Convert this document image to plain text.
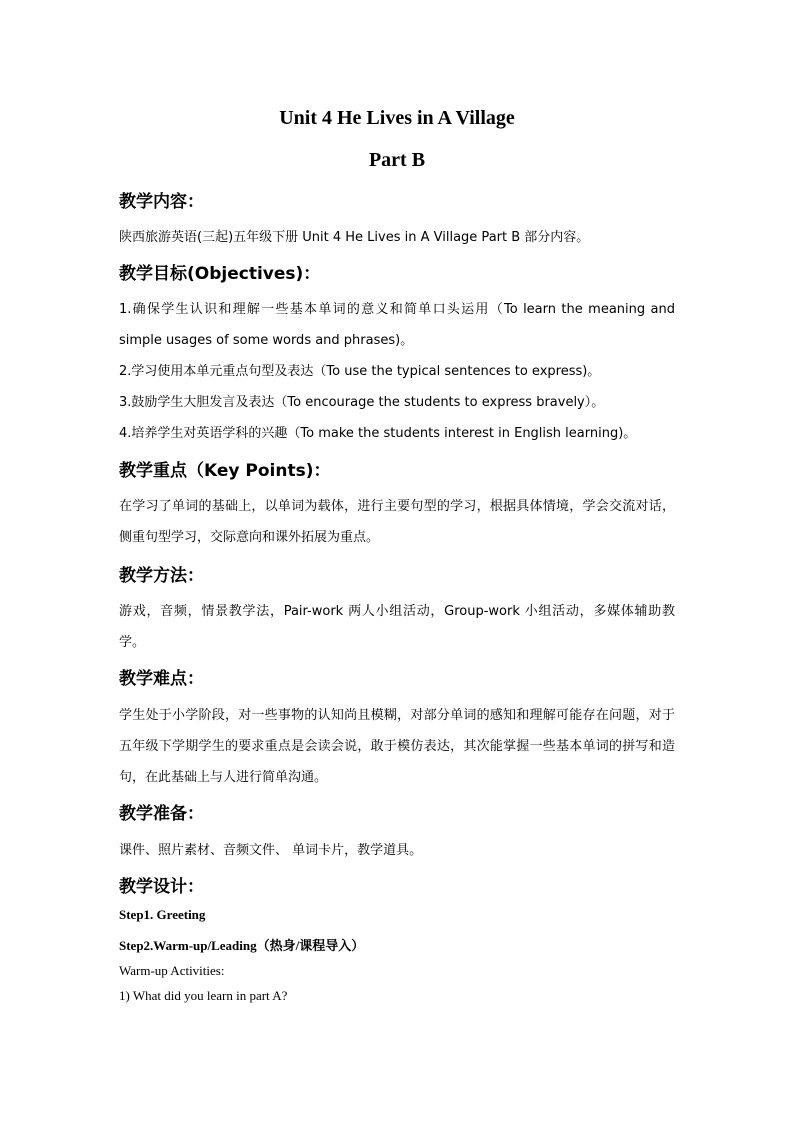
Unit 4 He Lives in A Village
Part B
教学内容：
陕西旅游英语(三起)五年级下册 Unit 4 He Lives in A Village Part B 部分内容。
教学目标(Objectives)：
1.确保学生认识和理解一些基本单词的意义和简单口头运用（To learn the meaning and simple usages of some words and phrases)。
2.学习使用本单元重点句型及表达（To use the typical sentences to express)。
3.鼓励学生大胆发言及表达（To encourage the students to express bravely）。
4.培养学生对英语学科的兴趣（To make the students interest in English learning)。
教学重点（Key Points)：
在学习了单词的基础上，以单词为载体，进行主要句型的学习，根据具体情境，学会交流对话，侧重句型学习，交际意向和课外拓展为重点。
教学方法：
游戏，音频，情景教学法，Pair-work 两人小组活动，Group-work 小组活动，多媒体辅助教学。
教学难点：
学生处于小学阶段，对一些事物的认知尚且模糊，对部分单词的感知和理解可能存在问题，对于五年级下学期学生的要求重点是会读会说，敢于模仿表达，其次能掌握一些基本单词的拼写和造句，在此基础上与人进行简单沟通。
教学准备：
课件、照片素材、音频文件、 单词卡片，教学道具。
教学设计：
Step1. Greeting
Step2.Warm-up/Leading（热身/课程导入）
Warm-up Activities:
1) What did you learn in part A?
